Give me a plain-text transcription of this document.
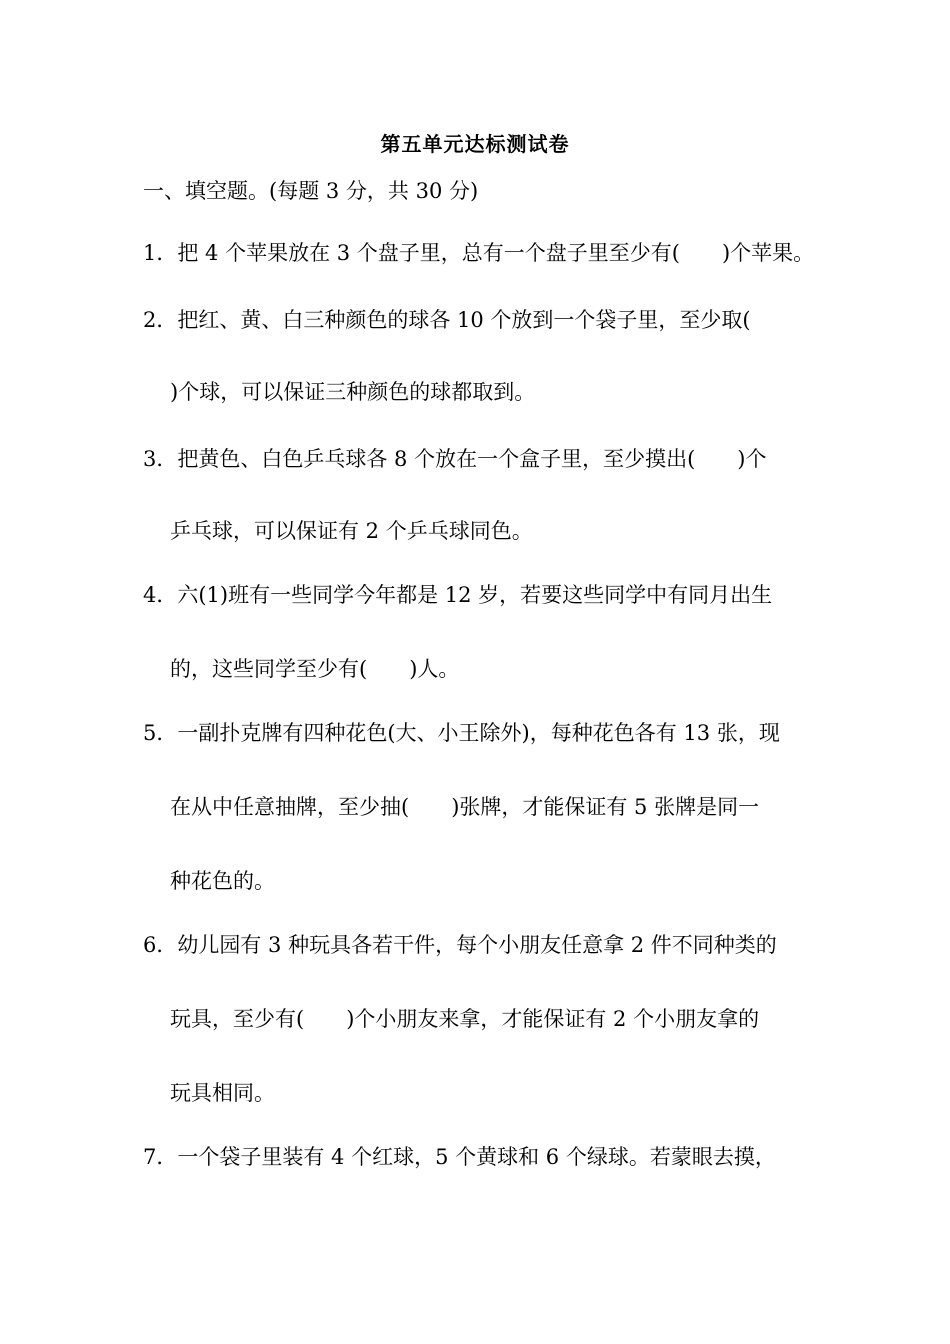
第五单元达标测试卷
一、填空题。(每题 3 分，共 30 分)
1．把 4 个苹果放在 3 个盘子里，总有一个盘子里至少有(　　)个苹果。
2．把红、黄、白三种颜色的球各 10 个放到一个袋子里，至少取(
)个球，可以保证三种颜色的球都取到。
3．把黄色、白色乒乓球各 8 个放在一个盒子里，至少摸出(　　)个
乒乓球，可以保证有 2 个乒乓球同色。
4．六(1)班有一些同学今年都是 12 岁，若要这些同学中有同月出生
的，这些同学至少有(　　)人。
5．一副扑克牌有四种花色(大、小王除外)，每种花色各有 13 张，现
在从中任意抽牌，至少抽(　　)张牌，才能保证有 5 张牌是同一
种花色的。
6．幼儿园有 3 种玩具各若干件，每个小朋友任意拿 2 件不同种类的
玩具，至少有(　　)个小朋友来拿，才能保证有 2 个小朋友拿的
玩具相同。
7．一个袋子里装有 4 个红球，5 个黄球和 6 个绿球。若蒙眼去摸，
